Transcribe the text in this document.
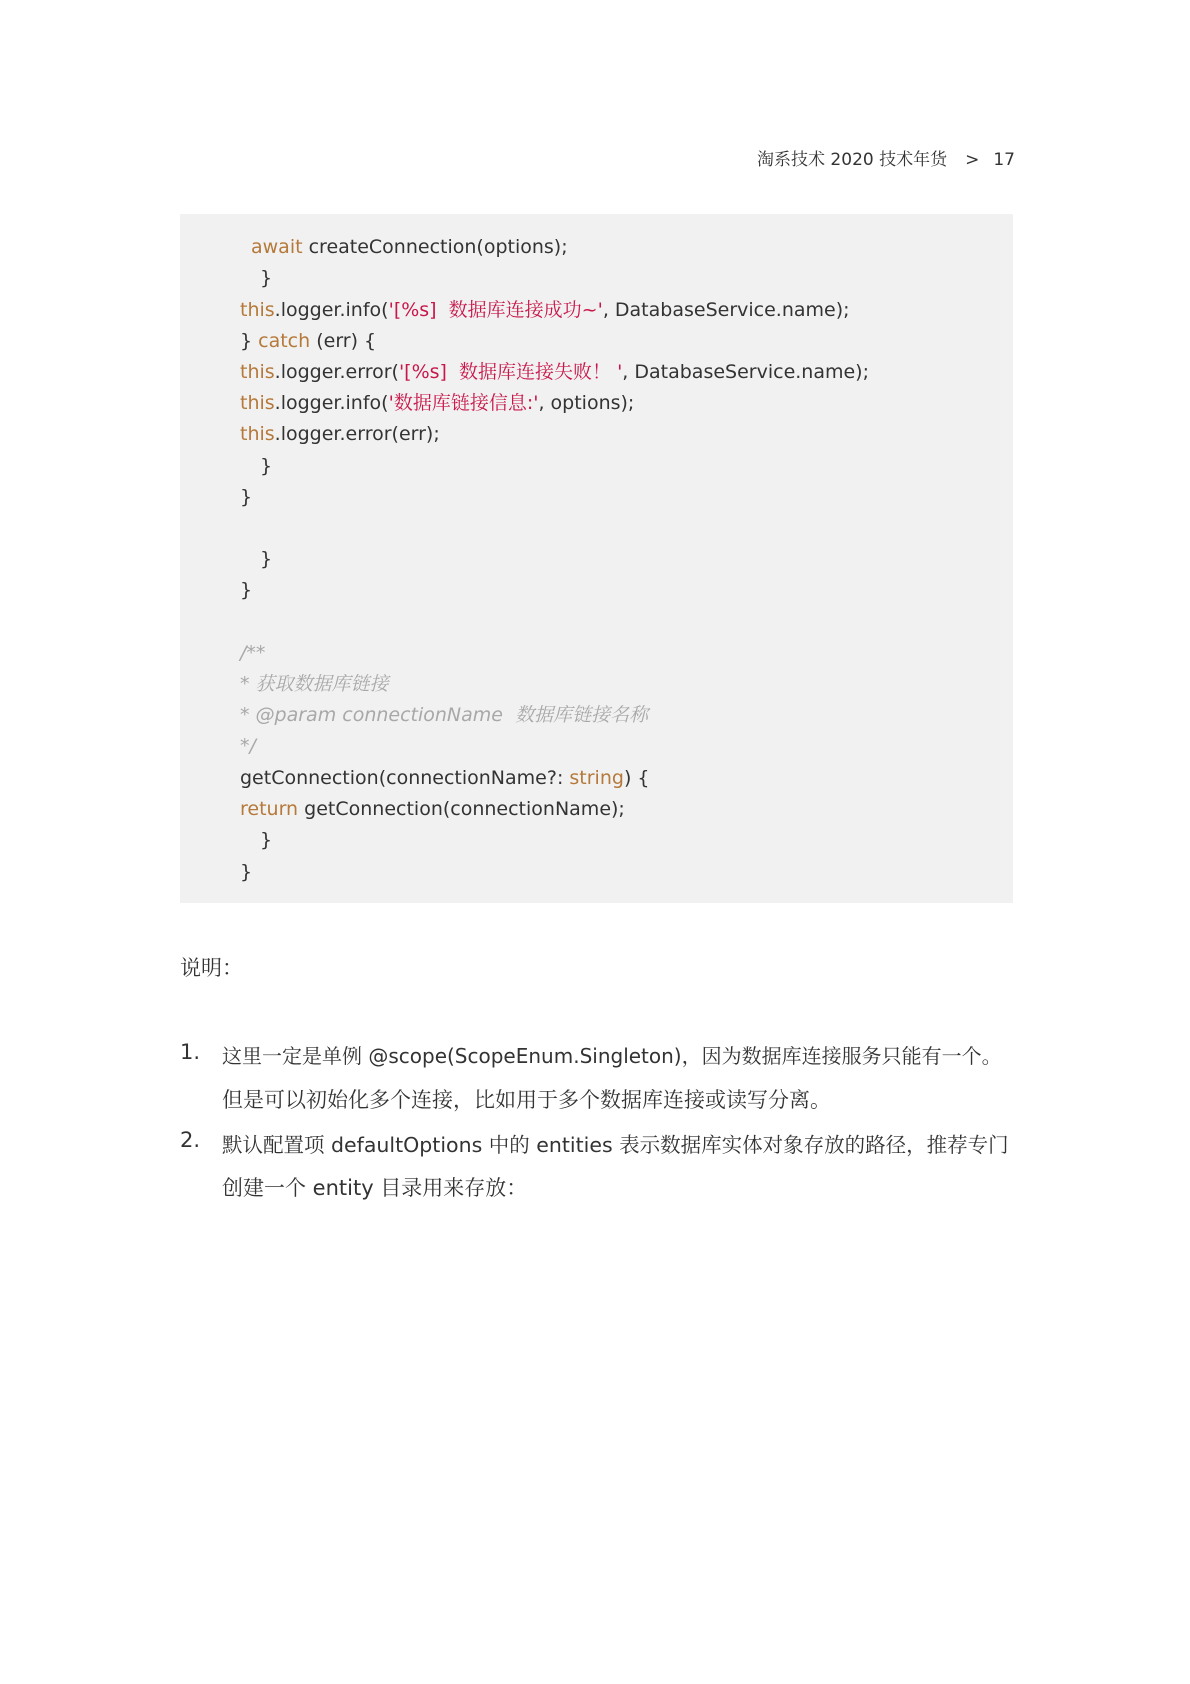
淘系技术 2020 技术年货 > 17
await createConnection(options);
}
this.logger.info('[%s]  数据库连接成功~', DatabaseService.name);
} catch (err) {
this.logger.error('[%s]  数据库连接失败！ ', DatabaseService.name);
this.logger.info('数据库链接信息:', options);
this.logger.error(err);
}
}
}
}
/**
* 获取数据库链接
* @param connectionName  数据库链接名称
*/
getConnection(connectionName?: string) {
return getConnection(connectionName);
}
}
说明：
1. 这里一定是单例 @scope(ScopeEnum.Singleton)，因为数据库连接服务只能有一个。
但是可以初始化多个连接，比如用于多个数据库连接或读写分离。
2. 默认配置项 defaultOptions 中的 entities 表示数据库实体对象存放的路径，推荐专门
创建一个 entity 目录用来存放：
